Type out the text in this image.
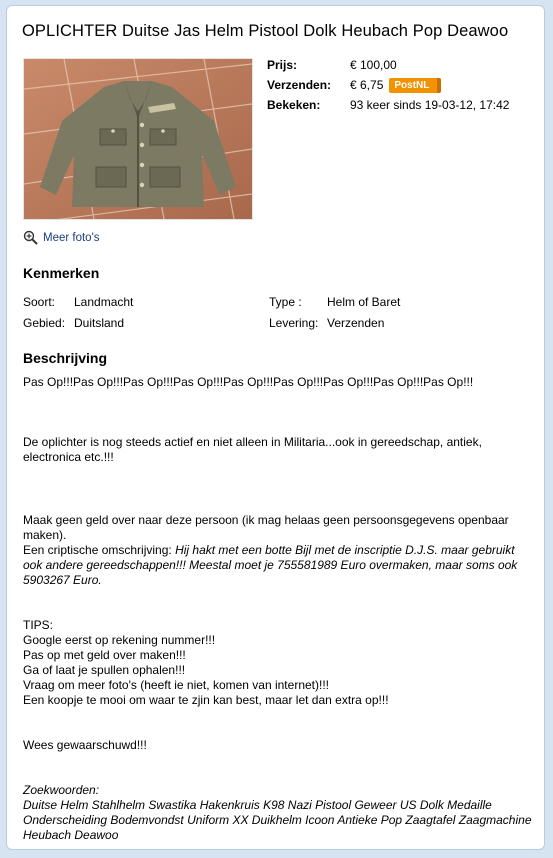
OPLICHTER Duitse Jas Helm Pistool Dolk Heubach Pop Deawoo
Meer foto's
Prijs:	€ 100,00
Verzenden:	€ 6,75	PostNL
Bekeken:	93 keer sinds 19-03-12, 17:42
Kenmerken
Soort:	Landmacht	Type :	Helm of Baret
Gebied: Duitsland	Levering: Verzenden
Beschrijving

Pas Op!!!Pas Op!!!Pas Op!!!Pas Op!!!Pas Op!!!Pas Op!!!Pas Op!!!Pas Op!!!Pas Op!!!

De oplichter is nog steeds actief en niet alleen in Militaria...ook in gereedschap, antiek, electronica etc.!!!

Maak geen geld over naar deze persoon (ik mag helaas geen persoonsgegevens openbaar maken).

Een criptische omschrijving: Hij hakt met een botte Bijl met de inscriptie D.J.S. maar gebruikt ook andere gereedschappen!!! Meestal moet je 755581989 Euro overmaken, maar soms ook 5903267 Euro.

TIPS:

Google eerst op rekening nummer!!!

Pas op met geld over maken!!!

Ga of laat je spullen ophalen!!!

Vraag om meer foto's (heeft ie niet, komen van internet)!!!

Een koopje te mooi om waar te zjin kan best, maar let dan extra op!!!

Wees gewaarschuwd!!!

Zoekwoorden:

Duitse Helm Stahlhelm Swastika Hakenkruis K98 Nazi Pistool Geweer US Dolk Medaille Onderscheiding Bodemvondst Uniform XX Duikhelm Icoon Antieke Pop Zaagtafel Zaagmachine Heubach Deawoo
